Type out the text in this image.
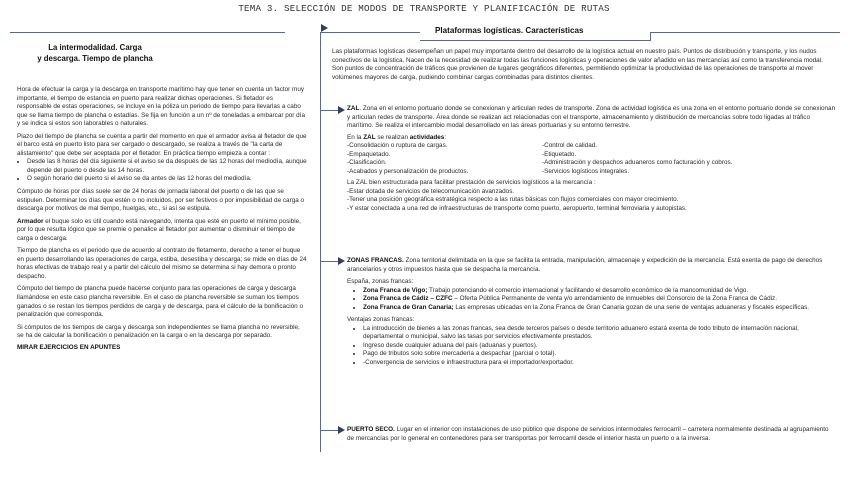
TEMA 3. SELECCIÓN DE MODOS DE TRANSPORTE Y PLANIFICACIÓN DE RUTAS
Plataformas logísticas. Características
La intermodalidad. Carga
y descarga. Tiempo de plancha
Hora de efectuar la carga y la descarga en transporte marítimo hay que tener en cuenta un factor muy importante, el tiempo de estancia en puerto para realizar dichas operaciones. Si fletador es responsable de estas operaciones, se incluye en la póliza un periodo de tiempo para llevarlas a cabo que se llama tiempo de plancha o estadías. Se fija en función a un nº de toneladas a embarcar por día y se indica si estos son laborables o naturales.
Plazo del tiempo de plancha se cuenta a partir del momento en que el armador avisa al fletador de que el barco está en puerto listo para ser cargado o descargado, se realiza a través de "la carta de alistamiento" que debe ser aceptada por el fletador. En práctica tiempo empieza a contar :
• Desde las 8 horas del día siguiente si el aviso se da después de las 12 horas del mediodía, aunque depende del puerto o desde las 14 horas.
• O según horario del puerto si el aviso se da antes de las 12 horas del mediodía.
Cómputo de horas por días suele ser de 24 horas de jornada laboral del puerto o de las que se estipulen. Determinar los días que estén o no incluidos, por ser festivos o por imposibilidad de carga o descarga por motivos de mal tiempo, huelgas, etc., si así se estipula.
Armador el buque solo es útil cuando está navegando, intenta que esté en puerto el mínimo posible, por lo que resulta lógico que se premie o penalice al fletador por aumentar o disminuir el tiempo de carga o descarga.
Tiempo de plancha es el periodo que de acuerdo al contrato de fletamento, derecho a tener el buque en puerto desarrollando las operaciones de carga, estiba, desestiba y descarga; se mide en días de 24 horas efectivas de trabajo real y a partir del cálculo del mismo se determina si hay demora o pronto despacho.
Cómputo del tiempo de plancha puede hacerse conjunto para las operaciones de carga y descarga llamándose en este caso plancha reversible. En el caso de plancha reversible se suman los tiempos ganados o se restan los tiempos perdidos de carga y de descarga, para el cálculo de la bonificación o penalización que corresponda.
Si cómputos de los tiempos de carga y descarga son independientes se llama plancha no reversible, se ha de calcular la bonificación o penalización en la carga o en la descarga por separado.
MIRAR EJERCICIOS EN APUNTES
Las plataformas logísticas desempeñan un papel muy importante dentro del desarrollo de la logística actual en nuestro país. Puntos de distribución y transporte, y los nudos conectivos de la logística. Nacen de la necesidad de realizar todas las funciones logísticas y operaciones de valor añadido en las mercancías así como la transferencia modal. Son puntos de concentración de tráficos que provienen de lugares geográficos diferentes, permitiendo optimizar la productividad de las operaciones de transporte al mover volúmenes mayores de carga, pudiendo combinar cargas combinadas para distintos clientes.
ZAL. Zona en el entorno portuario donde se conexionan y articulan redes de transporte. Zona de actividad logística es una zona en el entorno portuario donde se conexionan y articulan redes de transporte. Área donde se realizan act relacionadas con el transporte, almacenamiento y distribución de mercancías sobre todo ligadas al tráfico marítimo. Se realiza el intercambio modal desarrollado en las áreas portuarias y su entorno terrestre.
En la ZAL se realizan actividades:
-Consolidación o ruptura de cargas.
-Empaquetado.
-Clasificación.
-Acabados y personalización de productos.
-Control de calidad.
-Etiquetado.
-Administración y despachos aduaneros como facturación y cobros.
-Servicios logísticos integrales.
La ZAL bien estructurada para facilitar prestación de servicios logísticos a la mercancía :
-Estar dotada de servicios de telecomunicación avanzados.
-Tener una posición geográfica estratégica respecto a las rutas básicas con flujos comerciales con mayor crecimiento.
-Y estar conectada a una red de infraestructuras de transporte como puerto, aeropuerto, terminal ferroviaria y autopistas.
ZONAS FRANCAS. Zona territorial delimitada en la que se facilita la entrada, manipulación, almacenaje y expedición de la mercancía. Está exenta de pago de derechos arancelarios y otros impuestos hasta que se despacha la mercancía.
España, zonas francas:
• Zona Franca de Vigo; Trabajo potenciando el comercio internacional y facilitando el desarrollo económico de la mancomunidad de Vigo.
• Zona Franca de Cádiz – CZFC – Oferta Pública Permanente de venta y/o arrendamiento de inmuebles del Consorcio de la Zona Franca de Cádiz.
• Zona Franca de Gran Canaria; Las empresas ubicadas en la Zona Franca de Gran Canaria gozan de una serie de ventajas aduaneras y fiscales específicas.
Ventajas zonas francas:
• La introducción de bienes a las zonas francas, sea desde terceros países o desde territorio aduanero estará exenta de todo tributo de internación nacional, departamental o municipal, salvo las tasas por servicios efectivamente prestados.
• Ingreso desde cualquier aduana del país (aduanas y puertos).
• Pago de tributos solo sobre mercadería a despachar (parcial o total).
• -Convergencia de servicios e infraestructura para el importador/exportador.
PUERTO SECO. Lugar en el interior con instalaciones de uso público que dispone de servicios intermodales ferrocarril – carretera normalmente destinada al agrupamiento de mercancías por lo general en contenedores para ser transportas por ferrocarril desde el interior hasta un puerto o a la inversa.
